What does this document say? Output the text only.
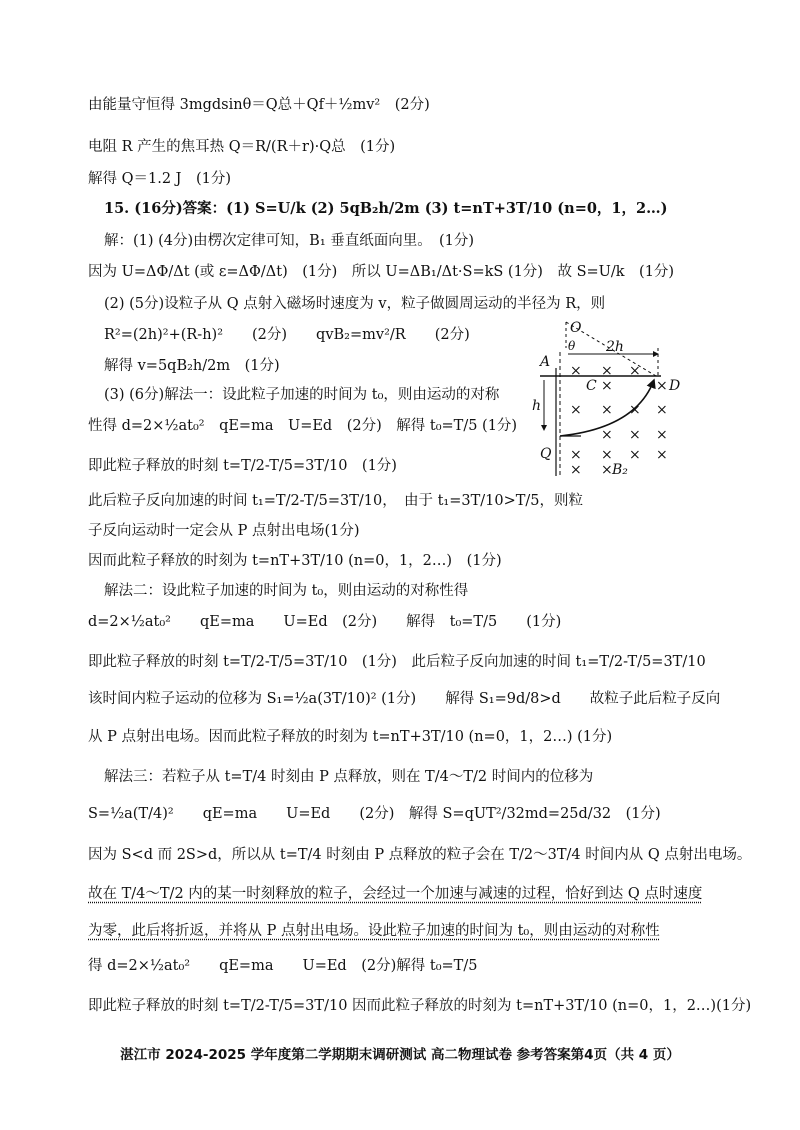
由能量守恒得 3mgdsinθ＝Q总＋Qf＋½mv²　(2分)
电阻 R 产生的焦耳热 Q＝R/(R＋r)·Q总　(1分)
解得 Q＝1.2 J　(1分)
15. (16分)答案：(1) S=U/k (2) 5qB₂h/2m (3) t=nT+3T/10 (n=0，1，2…)
解：(1) (4分)由楞次定律可知，B₁ 垂直纸面向里。　(1分)
因为 U=ΔΦ/Δt (或 ε=ΔΦ/Δt)　(1分)　所以 U=ΔB₁/Δt·S=kS (1分)　故 S=U/k　(1分)
(2) (5分)设粒子从 Q 点射入磁场时速度为 v，粒子做圆周运动的半径为 R，则
R²=(2h)²+(R-h)²　　(2分)　　qvB₂=mv²/R　　(2分)
解得 v=5qB₂h/2m　(1分)
(3) (6分)解法一：设此粒子加速的时间为 t₀，则由运动的对称
性得 d=2×½at₀²　qE=ma　U=Ed　(2分)　解得 t₀=T/5 (1分)
即此粒子释放的时刻 t=T/2-T/5=3T/10　(1分)
此后粒子反向加速的时间 t₁=T/2-T/5=3T/10，　由于 t₁=3T/10>T/5，则粒
子反向运动时一定会从 P 点射出电场(1分)
因而此粒子释放的时刻为 t=nT+3T/10 (n=0，1，2…)　(1分)
解法二：设此粒子加速的时间为 t₀，则由运动的对称性得
d=2×½at₀²　　qE=ma　　U=Ed　(2分)　　解得　t₀=T/5　　(1分)
即此粒子释放的时刻 t=T/2-T/5=3T/10　(1分)　此后粒子反向加速的时间 t₁=T/2-T/5=3T/10
该时间内粒子运动的位移为 S₁=½a(3T/10)² (1分)　　解得 S₁=9d/8>d　　故粒子此后粒子反向
从 P 点射出电场。因而此粒子释放的时刻为 t=nT+3T/10 (n=0，1，2…) (1分)
解法三：若粒子从 t=T/4 时刻由 P 点释放，则在 T/4～T/2 时间内的位移为
S=½a(T/4)²　　qE=ma　　U=Ed　　(2分)　解得 S=qUT²/32md=25d/32　(1分)
因为 S<d 而 2S>d，所以从 t=T/4 时刻由 P 点释放的粒子会在 T/2～3T/4 时间内从 Q 点射出电场。
故在 T/4～T/2 内的某一时刻释放的粒子，会经过一个加速与减速的过程，恰好到达 Q 点时速度
为零，此后将折返，并将从 P 点射出电场。设此粒子加速的时间为 t₀，则由运动的对称性
得 d=2×½at₀²　　qE=ma　　U=Ed　(2分)解得 t₀=T/5
即此粒子释放的时刻 t=T/2-T/5=3T/10 因而此粒子释放的时刻为 t=nT+3T/10 (n=0，1，2…)(1分)
× × ×
×	×
× × × ×
× × ×
× × × ×
× ×
O
θ 2h
A
C	D
h
Q
B₂
湛江市 2024-2025 学年度第二学期期末调研测试 高二物理试卷 参考答案第4页（共 4 页）
